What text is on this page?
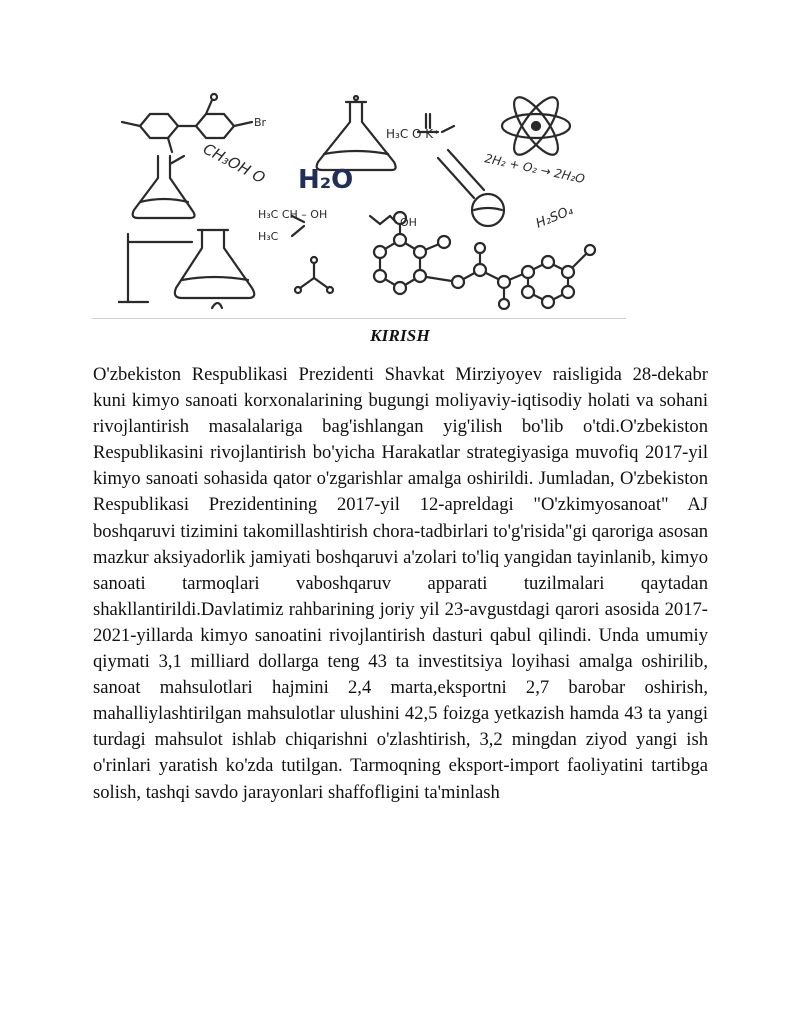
H₂O
CH₃OH O
H₃C O K⁺
2H₂ + O₂ → 2H₂O
H₂SO₄
H₃C CH – OH
H₃C
OH
Br
KIRISH

O'zbekiston Respublikasi Prezidenti Shavkat Mirziyoyev raisligida 28-dekabr kuni kimyo sanoati korxonalarining bugungi moliyaviy-iqtisodiy holati va sohani rivojlantirish masalalariga bag'ishlangan yig'ilish bo'lib o'tdi.O'zbekiston Respublikasini rivojlantirish bo'yicha Harakatlar strategiyasiga muvofiq 2017-yil kimyo sanoati sohasida qator o'zgarishlar amalga oshirildi. Jumladan, O'zbekiston Respublikasi Prezidentining 2017-yil 12-apreldagi "O'zkimyosanoat" AJ boshqaruvi tizimini takomillashtirish chora-tadbirlari to'g'risida"gi qaroriga asosan mazkur aksiyadorlik jamiyati boshqaruvi a'zolari to'liq yangidan tayinlanib, kimyo sanoati tarmoqlari vaboshqaruv apparati tuzilmalari qaytadan shakllantirildi.Davlatimiz rahbarining joriy yil 23-avgustdagi qarori asosida 2017-2021-yillarda kimyo sanoatini rivojlantirish dasturi qabul qilindi. Unda umumiy qiymati 3,1 milliard dollarga teng 43 ta investitsiya loyihasi amalga oshirilib, sanoat mahsulotlari hajmini 2,4 marta,eksportni 2,7 barobar oshirish, mahalliylashtirilgan mahsulotlar ulushini 42,5 foizga yetkazish hamda 43 ta yangi turdagi mahsulot ishlab chiqarishni o'zlashtirish, 3,2 mingdan ziyod yangi ish o'rinlari yaratish ko'zda tutilgan. Tarmoqning eksport-import faoliyatini tartibga solish, tashqi savdo jarayonlari shaffofligini ta'minlash
